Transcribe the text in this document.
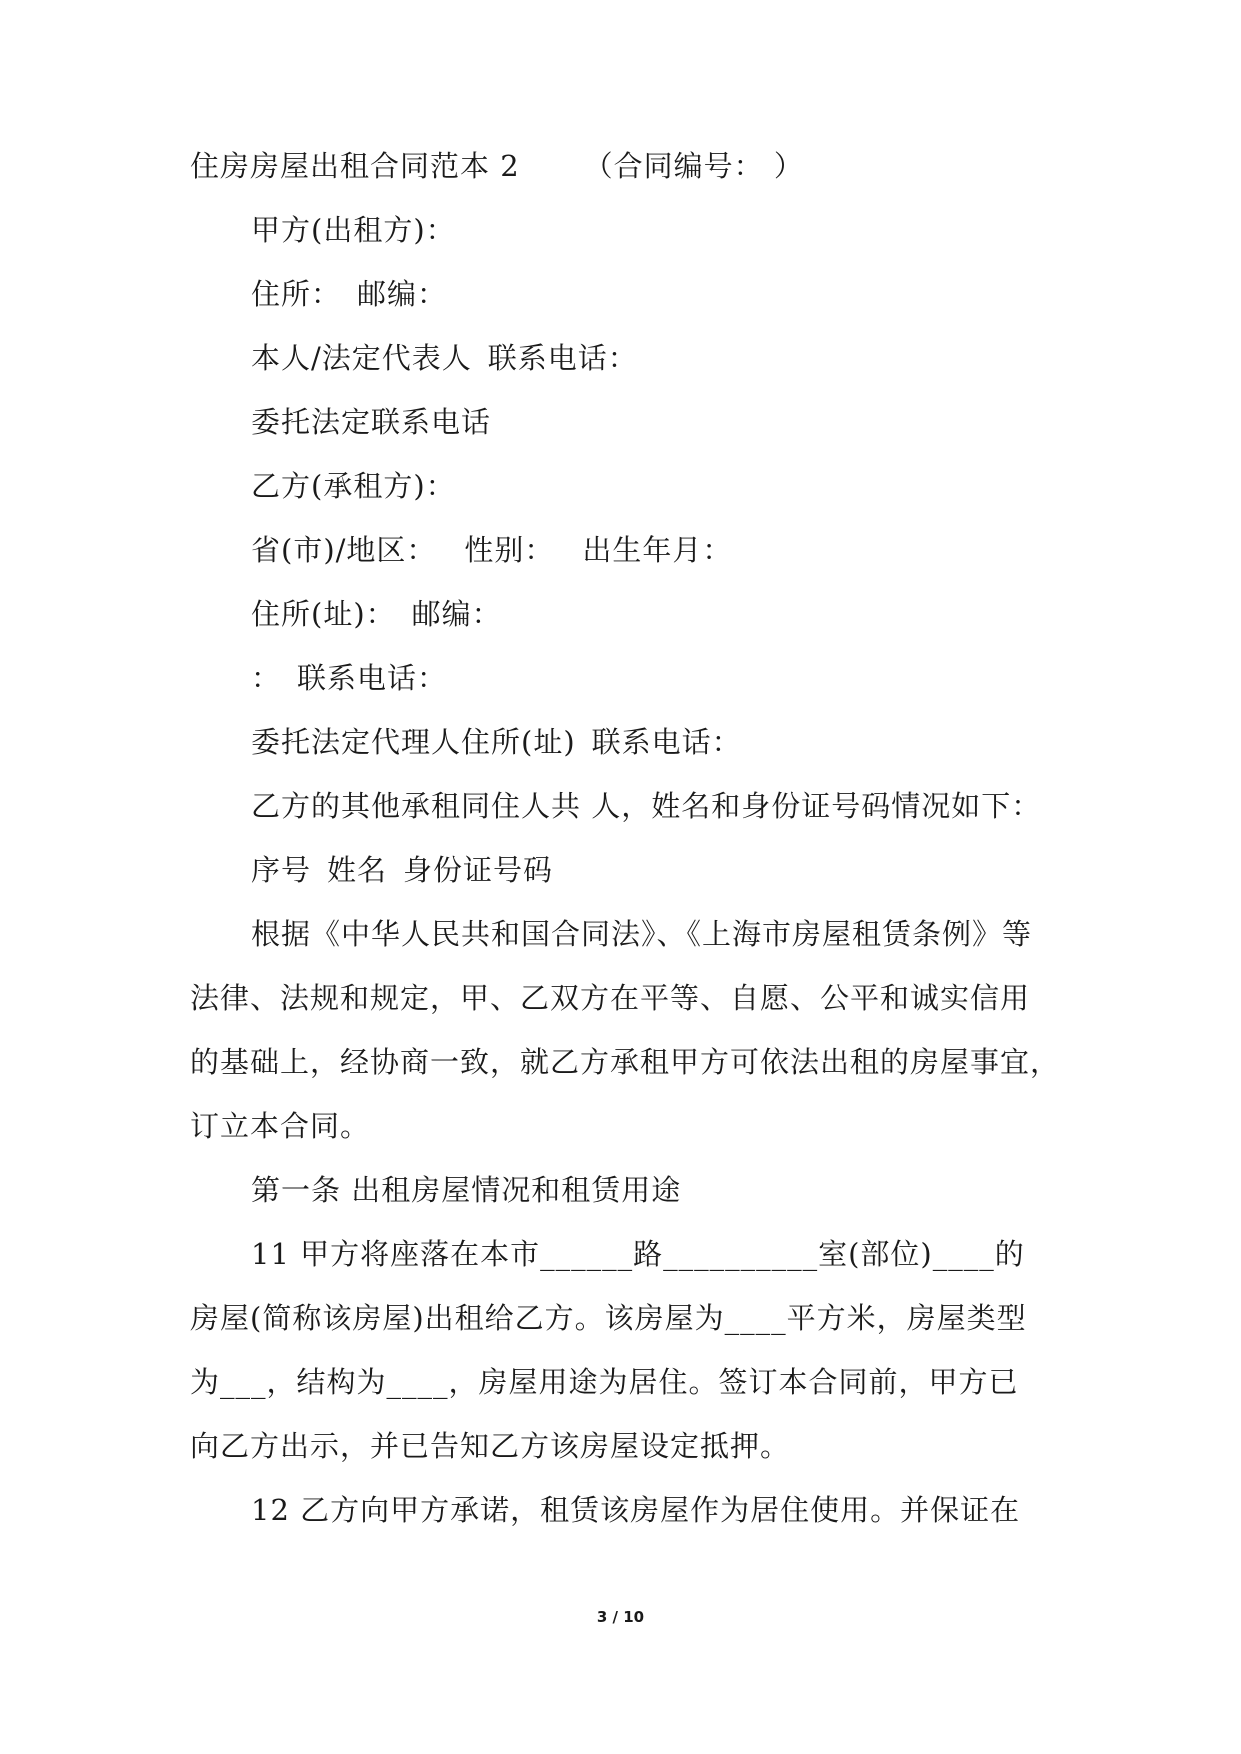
住房房屋出租合同范本 2 （合同编号： ）
甲方(出租方)：
住所： 邮编：
本人/法定代表人 联系电话：
委托法定联系电话
乙方(承租方)：
省(市)/地区： 性别： 出生年月：
住所(址)： 邮编：
： 联系电话：
委托法定代理人住所(址) 联系电话：
乙方的其他承租同住人共 人，姓名和身份证号码情况如下：
序号 姓名 身份证号码
根据《中华人民共和国合同法》、《上海市房屋租赁条例》等
法律、法规和规定，甲、乙双方在平等、自愿、公平和诚实信用
的基础上，经协商一致，就乙方承租甲方可依法出租的房屋事宜，
订立本合同。
第一条 出租房屋情况和租赁用途
11 甲方将座落在本市______路__________室(部位)____的
房屋(简称该房屋)出租给乙方。该房屋为____平方米，房屋类型
为___，结构为____，房屋用途为居住。签订本合同前，甲方已
向乙方出示，并已告知乙方该房屋设定抵押。
12 乙方向甲方承诺，租赁该房屋作为居住使用。并保证在
3 / 10
